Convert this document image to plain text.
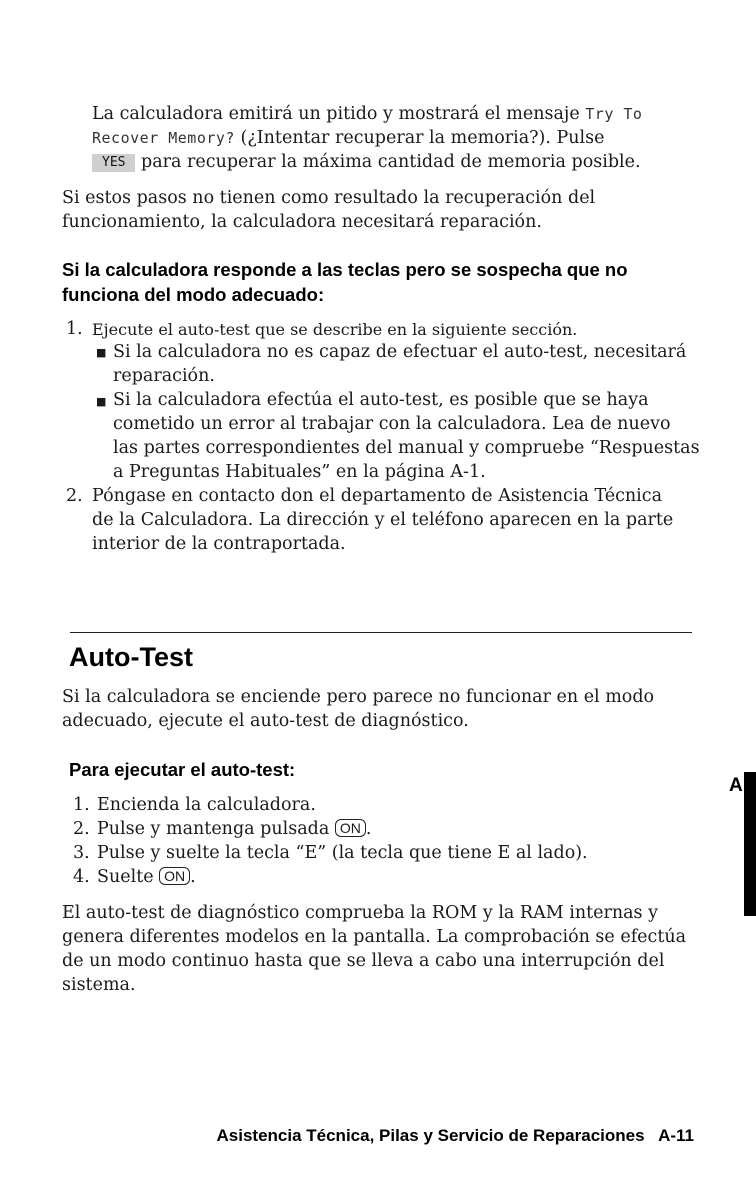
La calculadora emitirá un pitido y mostrará el mensaje Try To

Recover Memory? (¿Intentar recuperar la memoria?). Pulse

YES para recuperar la máxima cantidad de memoria posible.

Si estos pasos no tienen como resultado la recuperación del

funcionamiento, la calculadora necesitará reparación.

Si la calculadora responde a las teclas pero se sospecha que no

funciona del modo adecuado:

1. Ejecute el auto-test que se describe en la siguiente sección.

■ Si la calculadora no es capaz de efectuar el auto-test, necesitará

reparación.

■ Si la calculadora efectúa el auto-test, es posible que se haya

cometido un error al trabajar con la calculadora. Lea de nuevo

las partes correspondientes del manual y compruebe “Respuestas

a Preguntas Habituales” en la página A-1.

2. Póngase en contacto don el departamento de Asistencia Técnica

de la Calculadora. La dirección y el teléfono aparecen en la parte

interior de la contraportada.

Auto-Test

Si la calculadora se enciende pero parece no funcionar en el modo

adecuado, ejecute el auto-test de diagnóstico.

Para ejecutar el auto-test:

1. Encienda la calculadora.

2. Pulse y mantenga pulsada ON .

3. Pulse y suelte la tecla “E” (la tecla que tiene E al lado).

4. Suelte ON .

El auto-test de diagnóstico comprueba la ROM y la RAM internas y

genera diferentes modelos en la pantalla. La comprobación se efectúa

de un modo continuo hasta que se lleva a cabo una interrupción del

sistema.

A
Asistencia Técnica, Pilas y Servicio de Reparaciones   A-11
